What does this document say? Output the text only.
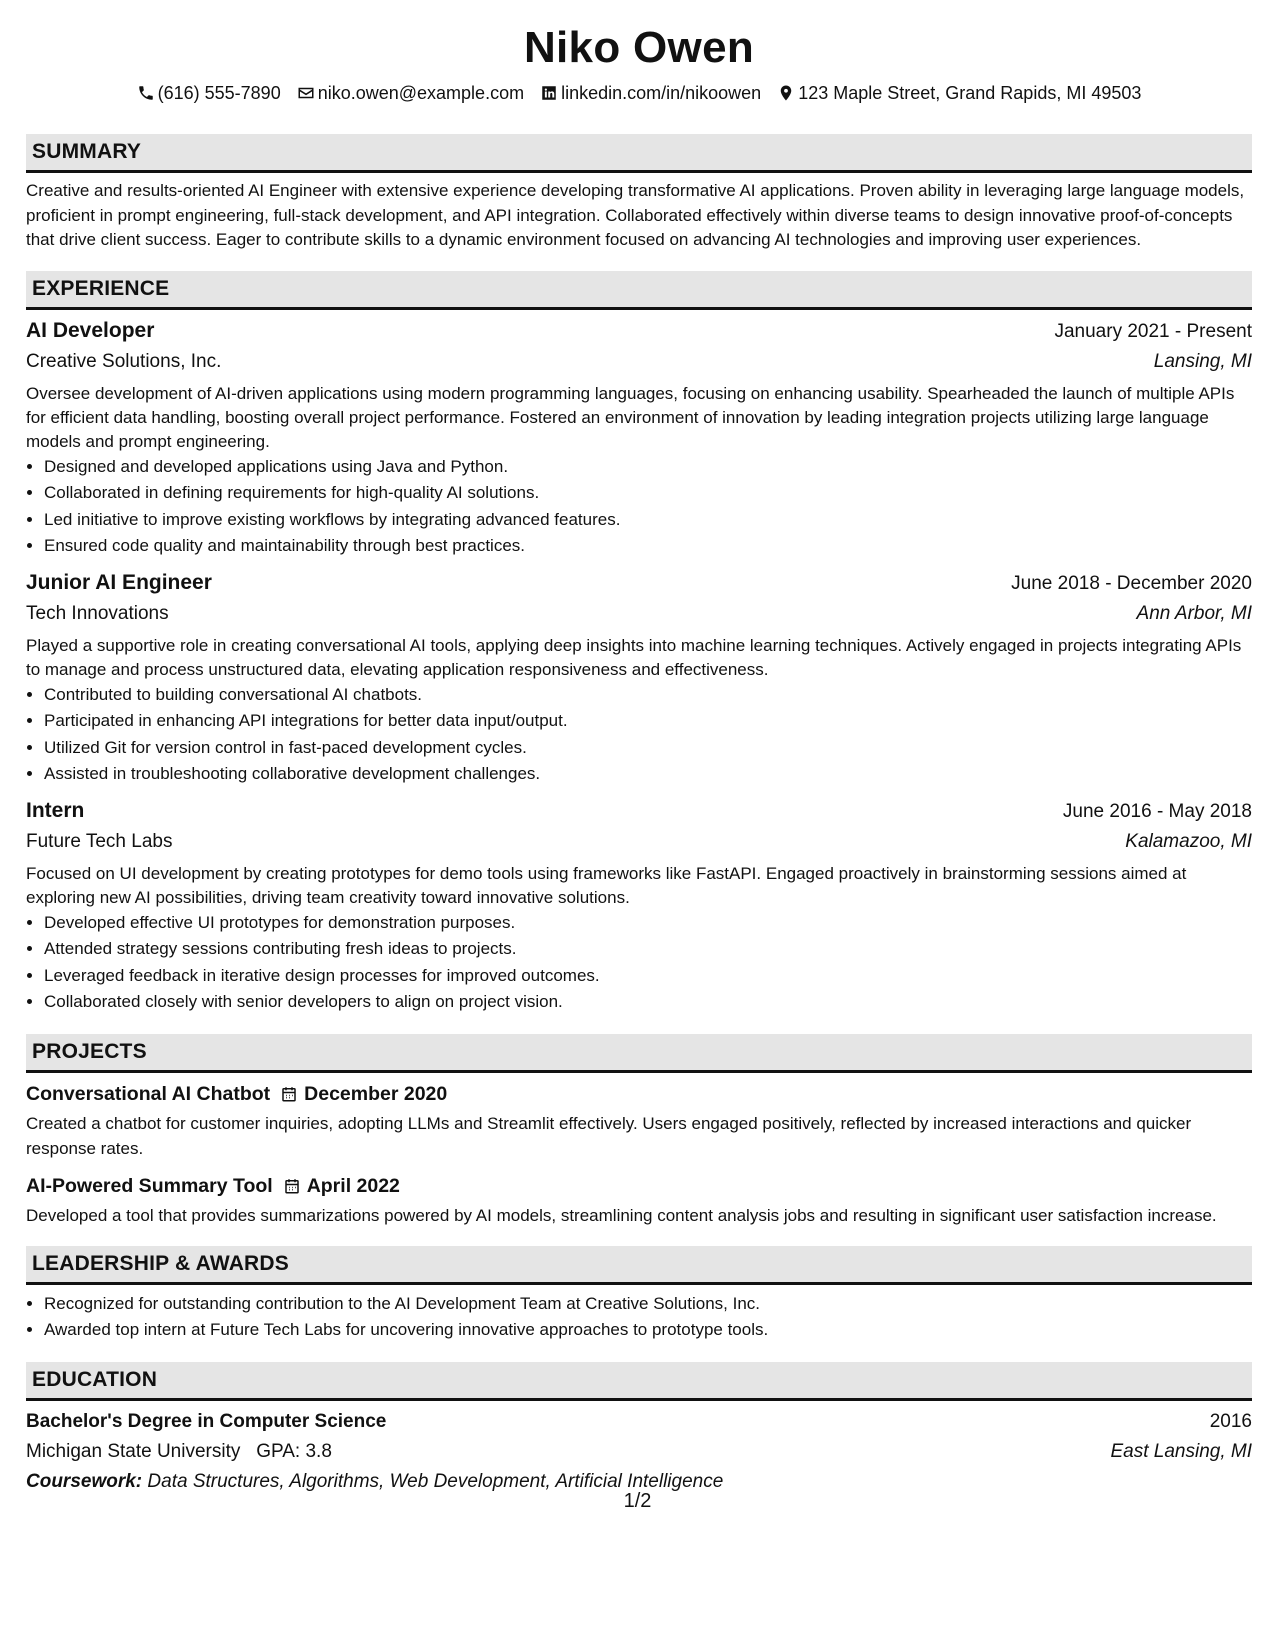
Niko Owen
(616) 555-7890 niko.owen@example.com linkedin.com/in/nikoowen 123 Maple Street, Grand Rapids, MI 49503
SUMMARY

Creative and results-oriented AI Engineer with extensive experience developing transformative AI applications. Proven ability in leveraging large language models, proficient in prompt engineering, full-stack development, and API integration. Collaborated effectively within diverse teams to design innovative proof-of-concepts that drive client success. Eager to contribute skills to a dynamic environment focused on advancing AI technologies and improving user experiences.

EXPERIENCE
AI Developer	January 2021 - Present
Creative Solutions, Inc.	Lansing, MI
Oversee development of AI-driven applications using modern programming languages, focusing on enhancing usability. Spearheaded the launch of multiple APIs for efficient data handling, boosting overall project performance. Fostered an environment of innovation by leading integration projects utilizing large language models and prompt engineering.
• Designed and developed applications using Java and Python.
• Collaborated in defining requirements for high-quality AI solutions.
• Led initiative to improve existing workflows by integrating advanced features.
• Ensured code quality and maintainability through best practices.
Junior AI Engineer	June 2018 - December 2020
Tech Innovations	Ann Arbor, MI
Played a supportive role in creating conversational AI tools, applying deep insights into machine learning techniques. Actively engaged in projects integrating APIs to manage and process unstructured data, elevating application responsiveness and effectiveness.
• Contributed to building conversational AI chatbots.
• Participated in enhancing API integrations for better data input/output.
• Utilized Git for version control in fast-paced development cycles.
• Assisted in troubleshooting collaborative development challenges.
Intern	June 2016 - May 2018
Future Tech Labs	Kalamazoo, MI
Focused on UI development by creating prototypes for demo tools using frameworks like FastAPI. Engaged proactively in brainstorming sessions aimed at exploring new AI possibilities, driving team creativity toward innovative solutions.
• Developed effective UI prototypes for demonstration purposes.
• Attended strategy sessions contributing fresh ideas to projects.
• Leveraged feedback in iterative design processes for improved outcomes.
• Collaborated closely with senior developers to align on project vision.
PROJECTS
Conversational AI Chatbot December 2020
Created a chatbot for customer inquiries, adopting LLMs and Streamlit effectively. Users engaged positively, reflected by increased interactions and quicker response rates.
AI-Powered Summary Tool April 2022
Developed a tool that provides summarizations powered by AI models, streamlining content analysis jobs and resulting in significant user satisfaction increase.
LEADERSHIP & AWARDS
• Recognized for outstanding contribution to the AI Development Team at Creative Solutions, Inc.
• Awarded top intern at Future Tech Labs for uncovering innovative approaches to prototype tools.
EDUCATION
Bachelor's Degree in Computer Science	2016
Michigan State University GPA: 3.8	East Lansing, MI
Coursework: Data Structures, Algorithms, Web Development, Artificial Intelligence
1/2
